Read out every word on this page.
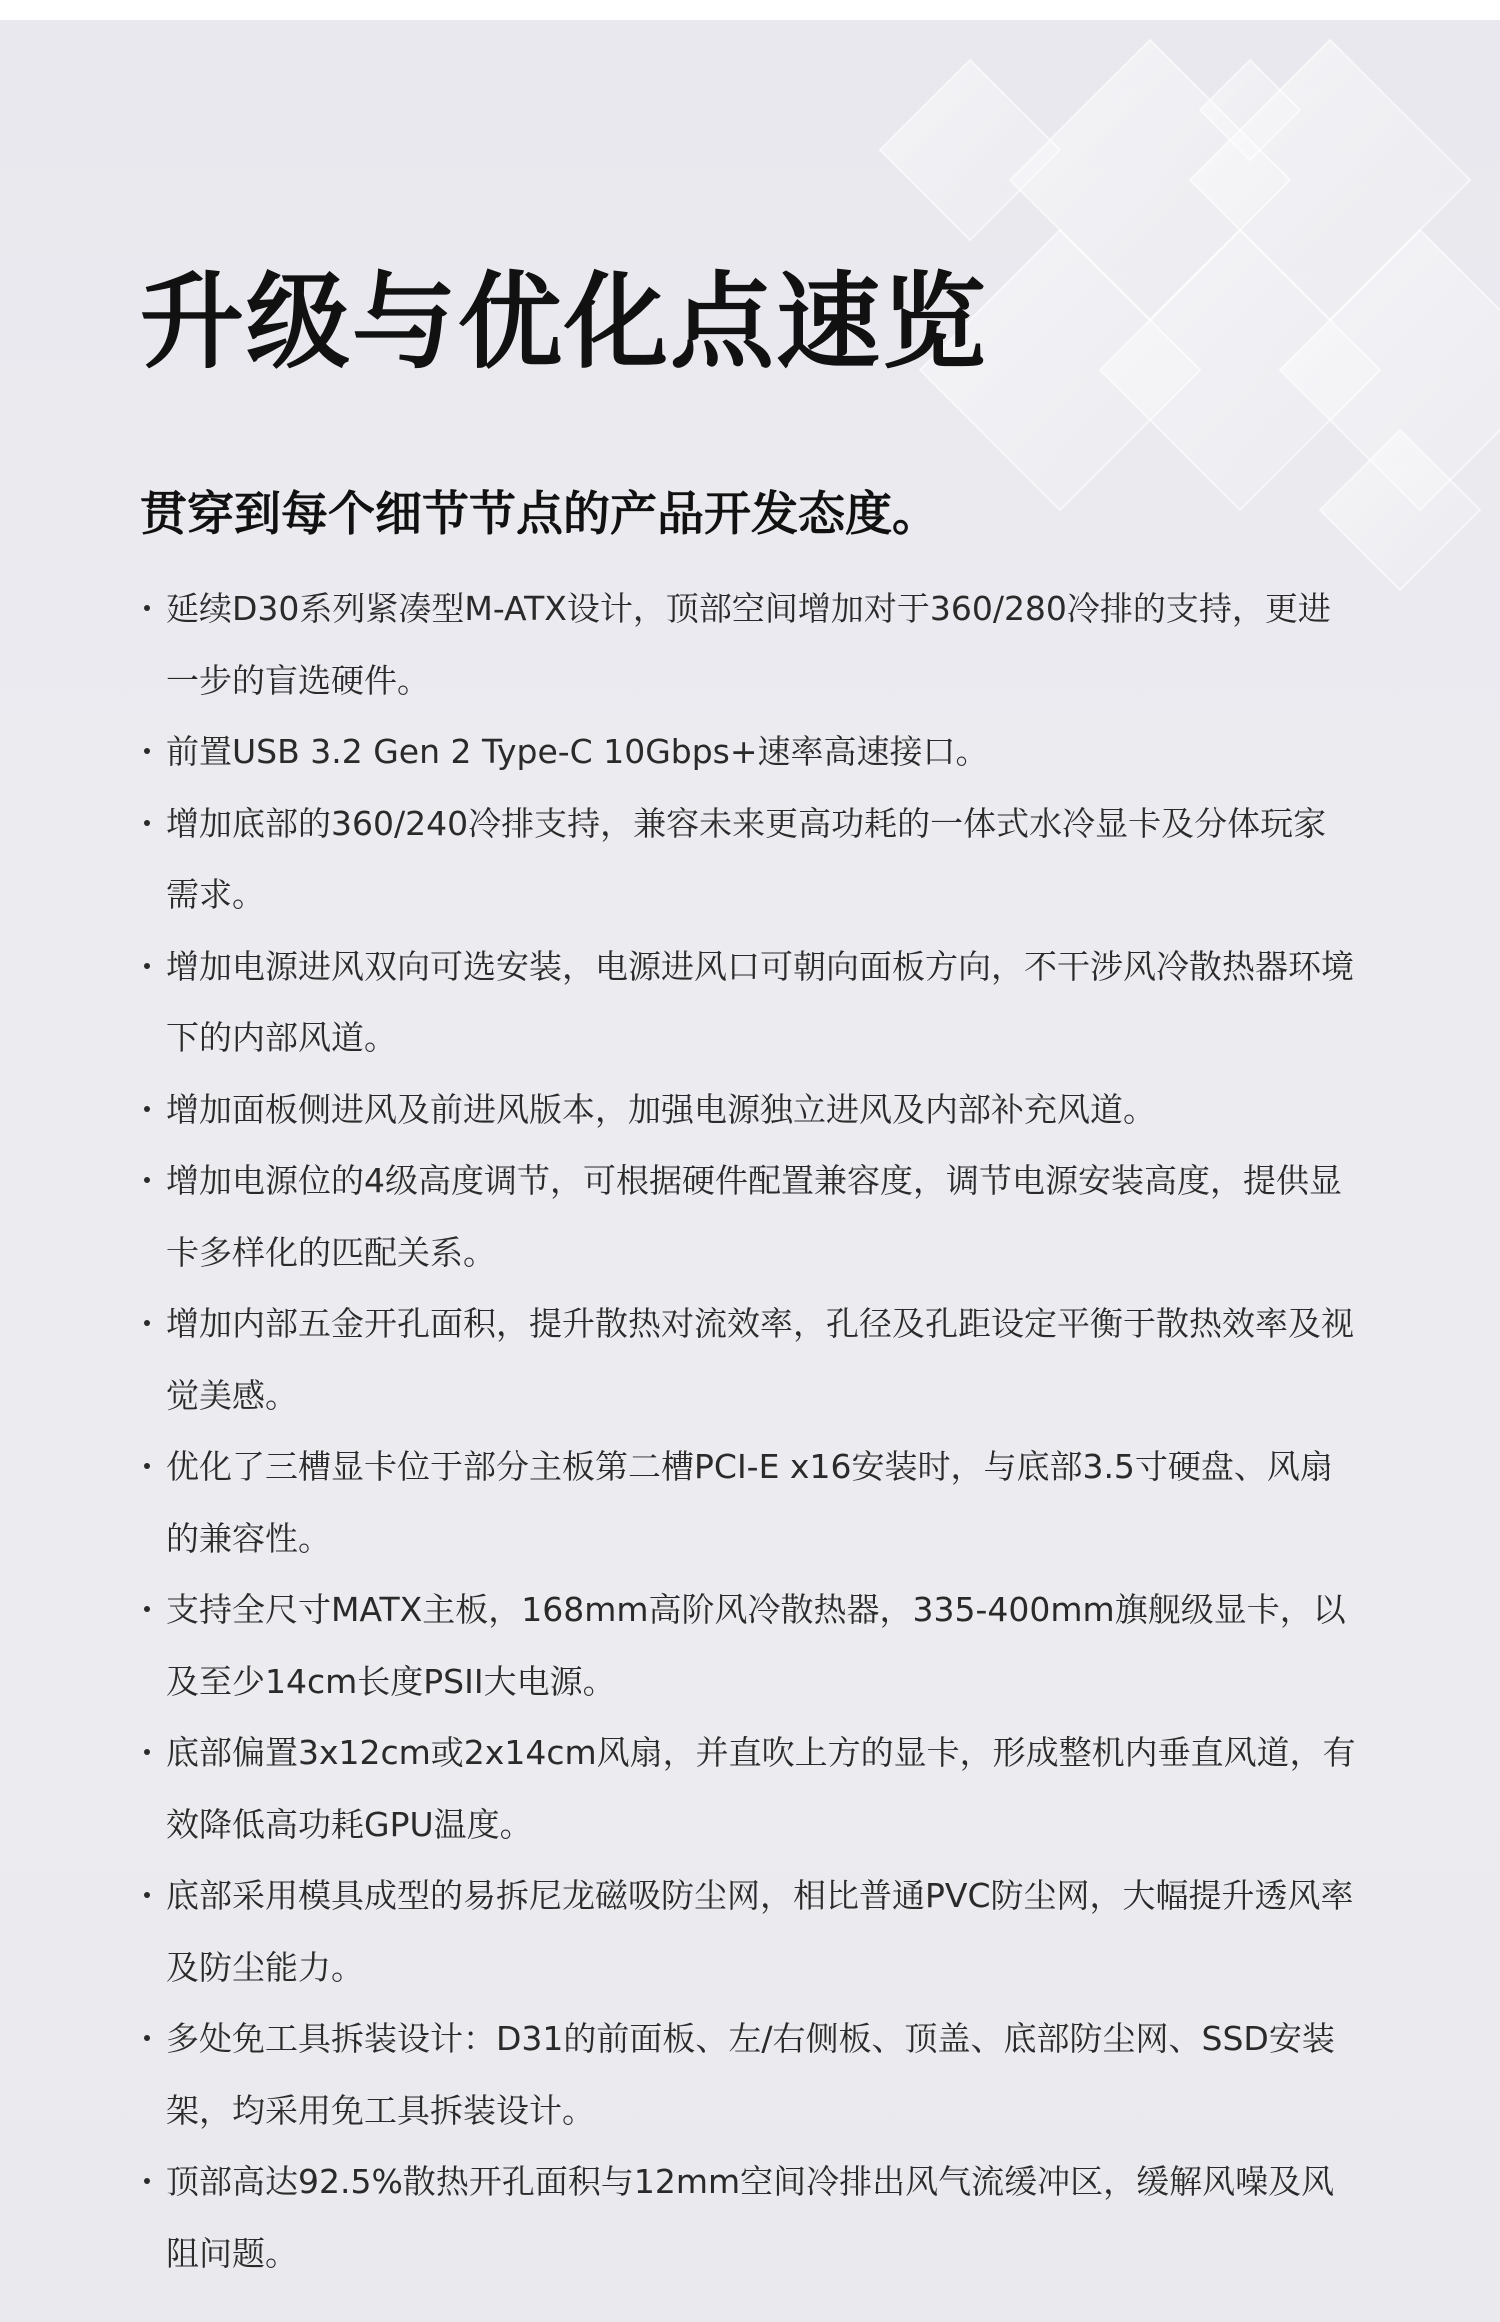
升级与优化点速览
贯穿到每个细节节点的产品开发态度。
延续D30系列紧凑型M-ATX设计，顶部空间增加对于360/280冷排的支持，更进一步的盲选硬件。
前置USB 3.2 Gen 2 Type-C 10Gbps+速率高速接口。
增加底部的360/240冷排支持，兼容未来更高功耗的一体式水冷显卡及分体玩家需求。
增加电源进风双向可选安装，电源进风口可朝向面板方向，不干涉风冷散热器环境下的内部风道。
增加面板侧进风及前进风版本，加强电源独立进风及内部补充风道。
增加电源位的4级高度调节，可根据硬件配置兼容度，调节电源安装高度，提供显卡多样化的匹配关系。
增加内部五金开孔面积，提升散热对流效率，孔径及孔距设定平衡于散热效率及视觉美感。
优化了三槽显卡位于部分主板第二槽PCI-E x16安装时，与底部3.5寸硬盘、风扇的兼容性。
支持全尺寸MATX主板，168mm高阶风冷散热器，335-400mm旗舰级显卡，以及至少14cm长度PSII大电源。
底部偏置3x12cm或2x14cm风扇，并直吹上方的显卡，形成整机内垂直风道，有效降低高功耗GPU温度。
底部采用模具成型的易拆尼龙磁吸防尘网，相比普通PVC防尘网，大幅提升透风率及防尘能力。
多处免工具拆装设计：D31的前面板、左/右侧板、顶盖、底部防尘网、SSD安装架，均采用免工具拆装设计。
顶部高达92.5%散热开孔面积与12mm空间冷排出风气流缓冲区，缓解风噪及风阻问题。
